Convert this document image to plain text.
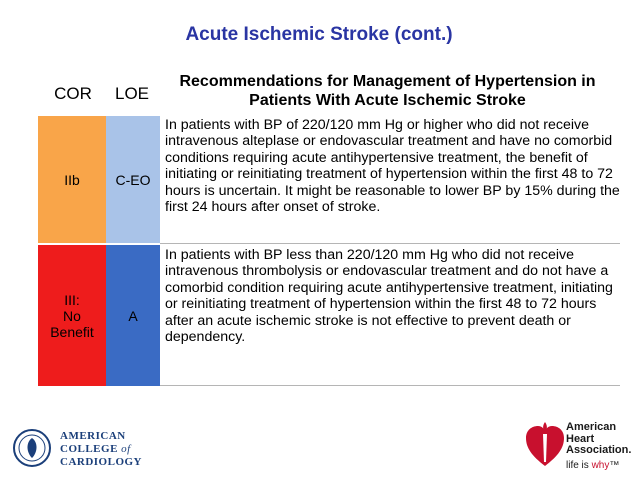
Acute Ischemic Stroke (cont.)
COR	LOE
Recommendations for Management of Hypertension in Patients With Acute Ischemic Stroke
IIb	C-EO
In patients with BP of 220/120 mm Hg or higher who did not receive intravenous alteplase or endovascular treatment and have no comorbid conditions requiring acute antihypertensive treatment, the benefit of initiating or reinitiating treatment of hypertension within the first 48 to 72 hours is uncertain. It might be reasonable to lower BP by 15% during the first 24 hours after onset of stroke.
III:
No
Benefit
A
In patients with BP less than 220/120 mm Hg who did not receive intravenous thrombolysis or endovascular treatment and do not have a comorbid condition requiring acute antihypertensive treatment, initiating or reinitiating treatment of hypertension within the first 48 to 72 hours after an acute ischemic stroke is not effective to prevent death or dependency.
AMERICAN
COLLEGE of
CARDIOLOGY
American
Heart
Association.
life is why™
